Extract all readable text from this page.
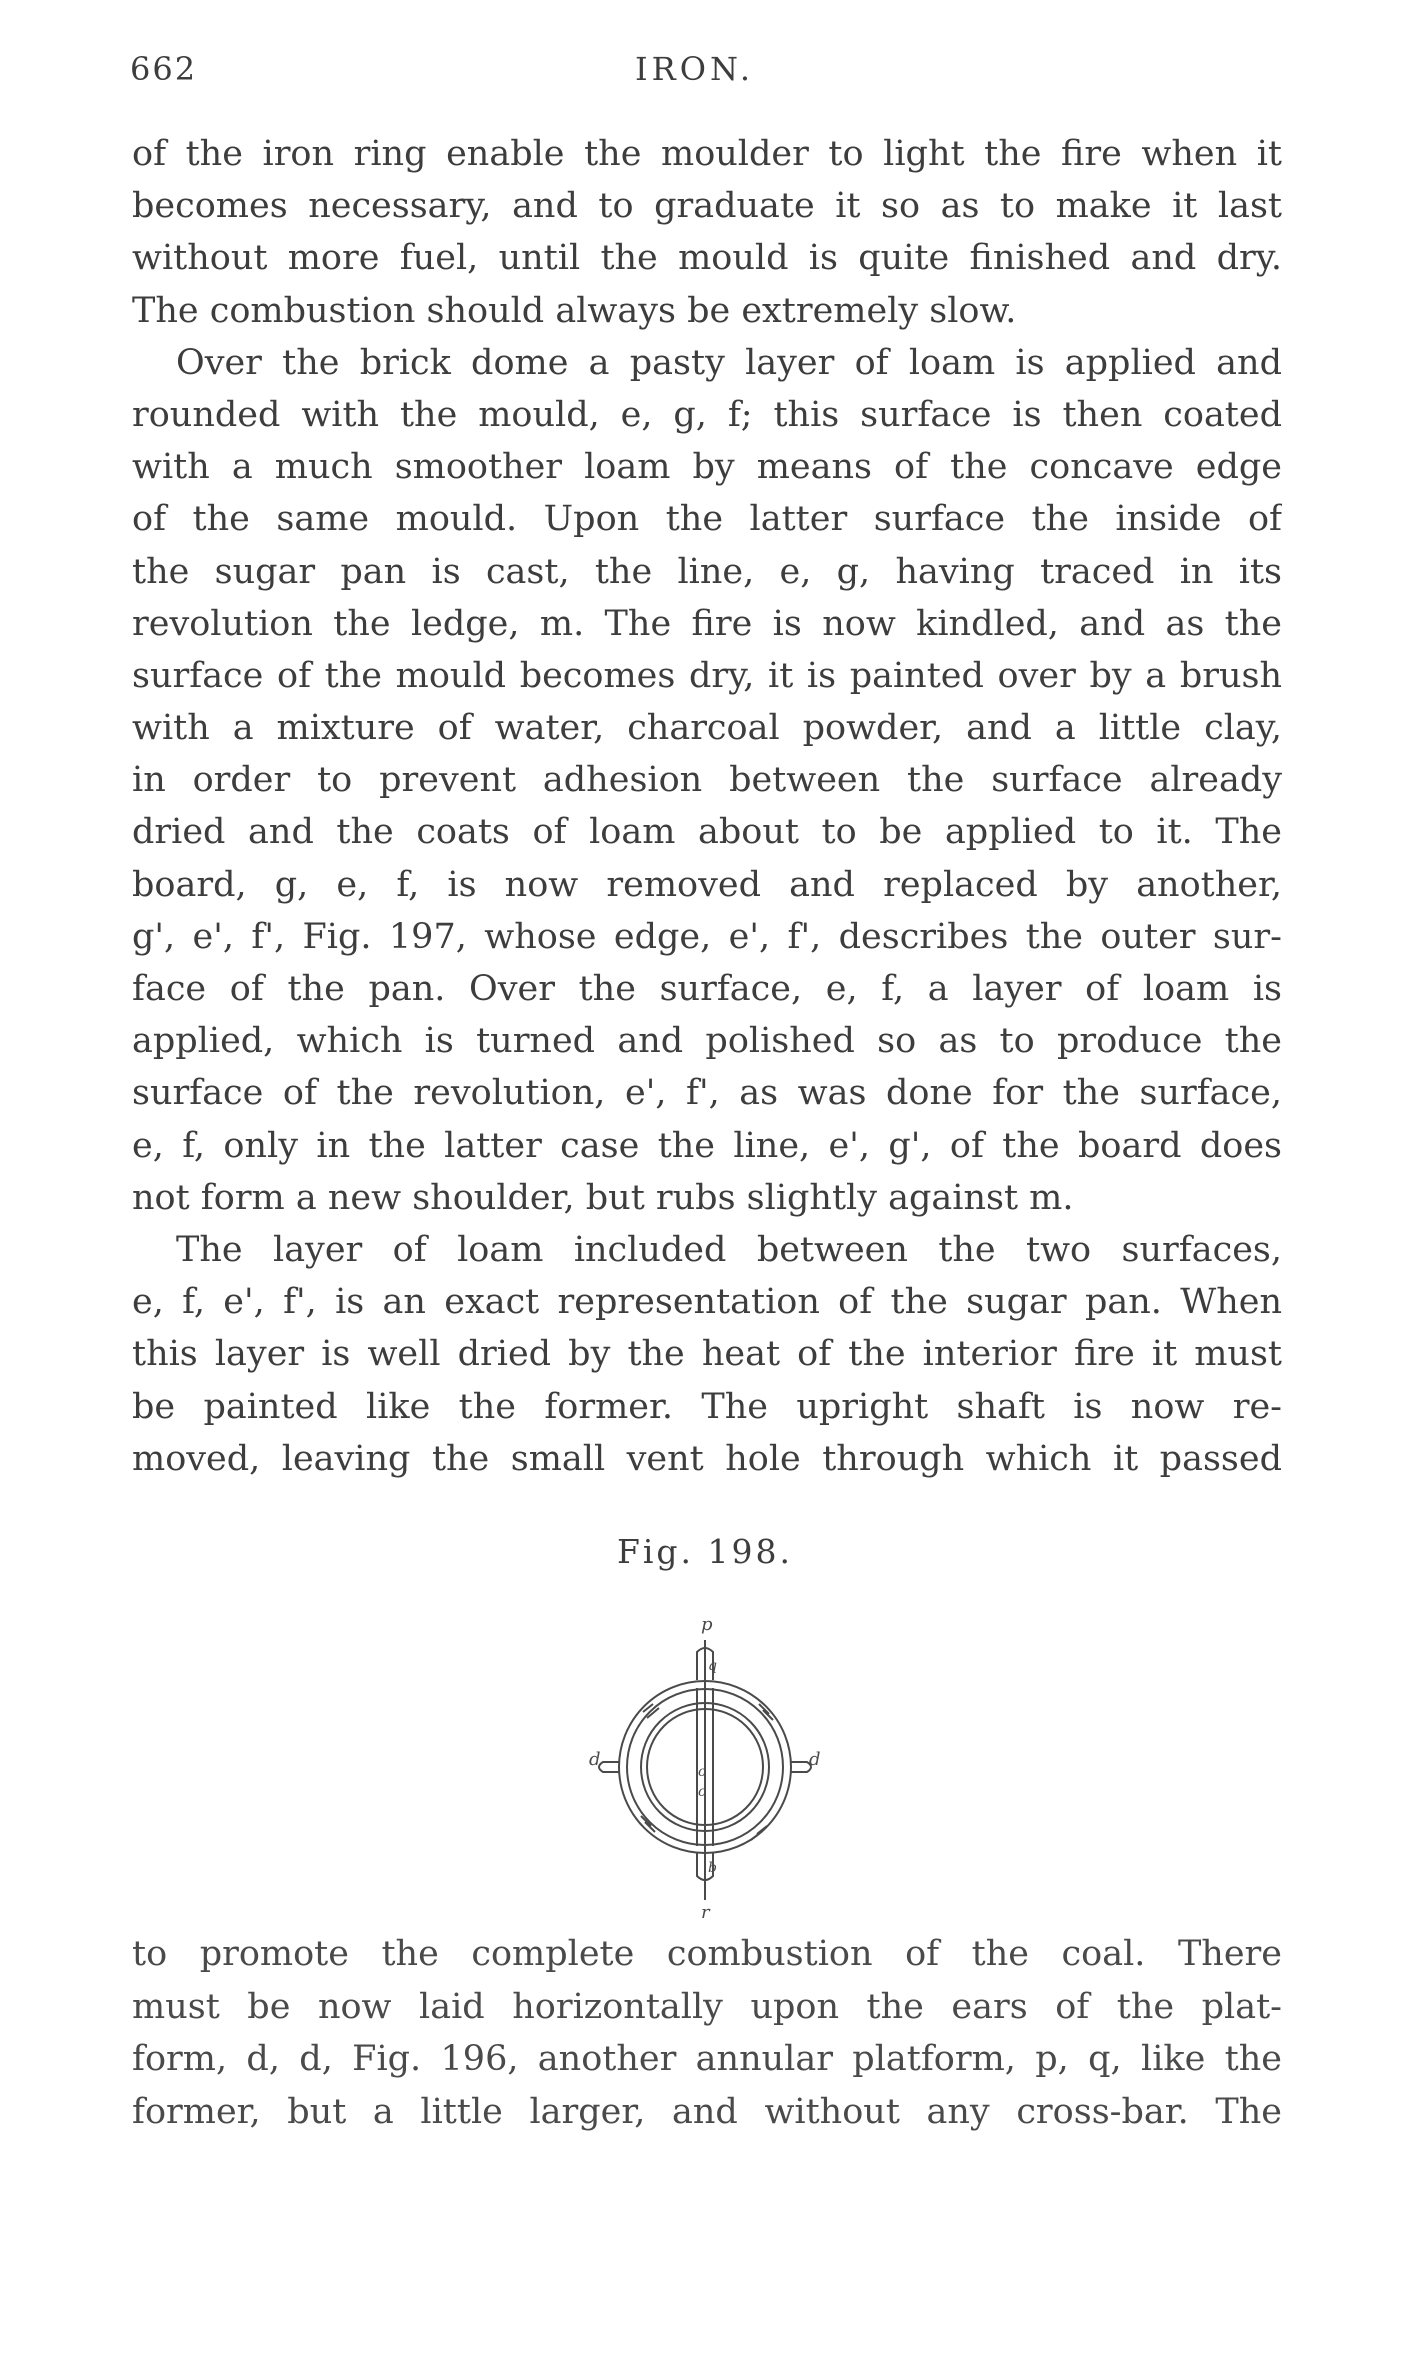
662	IRON.
of the iron ring enable the moulder to light the fire when it
becomes necessary, and to graduate it so as to make it last
without more fuel, until the mould is quite finished and dry.
The combustion should always be extremely slow.
Over the brick dome a pasty layer of loam is applied and
rounded with the mould, e, g, f; this surface is then coated
with a much smoother loam by means of the concave edge
of the same mould. Upon the latter surface the inside of
the sugar pan is cast, the line, e, g, having traced in its
revolution the ledge, m. The fire is now kindled, and as the
surface of the mould becomes dry, it is painted over by a brush
with a mixture of water, charcoal powder, and a little clay,
in order to prevent adhesion between the surface already
dried and the coats of loam about to be applied to it. The
board, g, e, f, is now removed and replaced by another,
g', e', f', Fig. 197, whose edge, e', f', describes the outer sur-
face of the pan. Over the surface, e, f, a layer of loam is
applied, which is turned and polished so as to produce the
surface of the revolution, e', f', as was done for the surface,
e, f, only in the latter case the line, e', g', of the board does
not form a new shoulder, but rubs slightly against m.
The layer of loam included between the two surfaces,
e, f, e', f', is an exact representation of the sugar pan. When
this layer is well dried by the heat of the interior fire it must
be painted like the former. The upright shaft is now re-
moved, leaving the small vent hole through which it passed
Fig. 198.
p
q
o
c
d	d
b
r
to promote the complete combustion of the coal. There
must be now laid horizontally upon the ears of the plat-
form, d, d, Fig. 196, another annular platform, p, q, like the
former, but a little larger, and without any cross-bar. The
